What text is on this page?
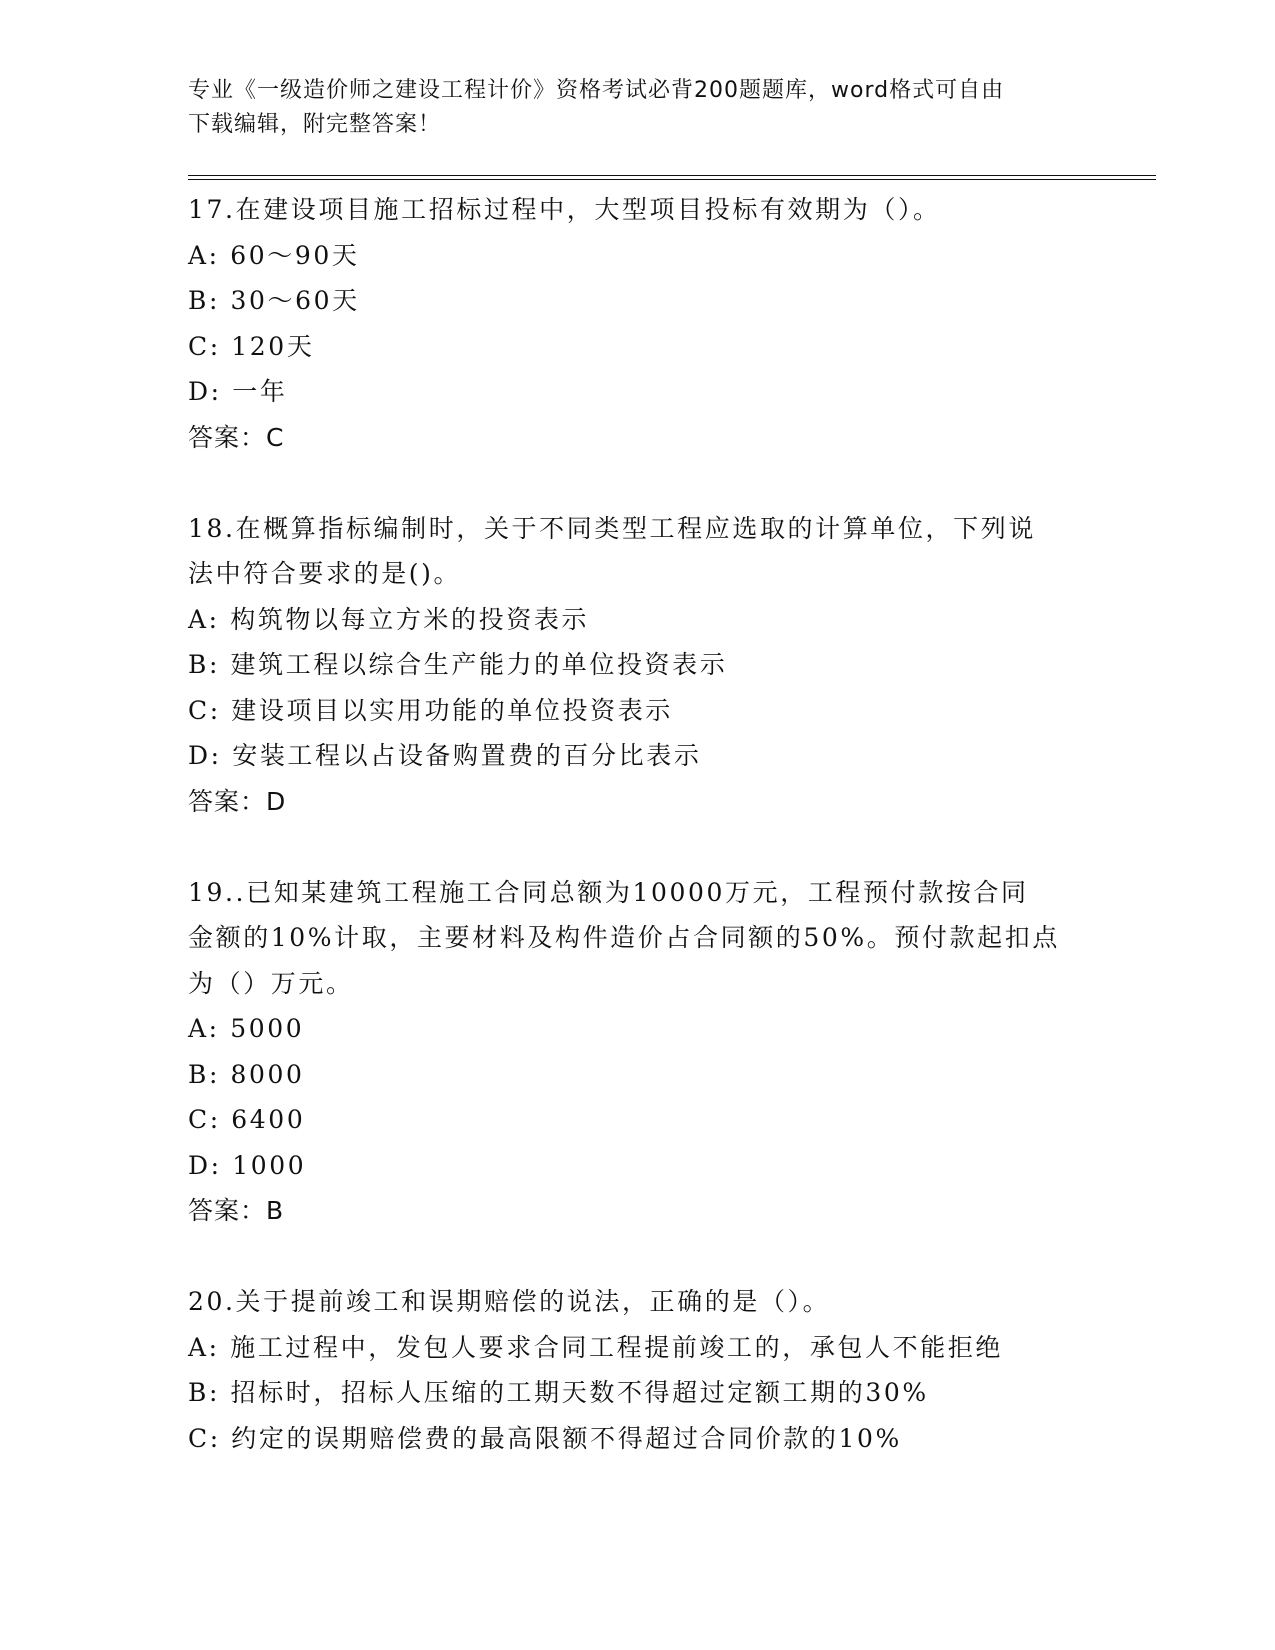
专业《一级造价师之建设工程计价》资格考试必背200题题库，word格式可自由
下载编辑，附完整答案！
17.在建设项目施工招标过程中，大型项目投标有效期为（）。
A: 60～90天
B: 30～60天
C: 120天
D: 一年
答案：C
18.在概算指标编制时，关于不同类型工程应选取的计算单位，下列说
法中符合要求的是()。
A: 构筑物以每立方米的投资表示
B: 建筑工程以综合生产能力的单位投资表示
C: 建设项目以实用功能的单位投资表示
D: 安装工程以占设备购置费的百分比表示
答案：D
19..已知某建筑工程施工合同总额为10000万元，工程预付款按合同
金额的10%计取，主要材料及构件造价占合同额的50%。预付款起扣点
为（）万元。
A: 5000
B: 8000
C: 6400
D: 1000
答案：B
20.关于提前竣工和误期赔偿的说法，正确的是（）。
A: 施工过程中，发包人要求合同工程提前竣工的，承包人不能拒绝
B: 招标时，招标人压缩的工期天数不得超过定额工期的30%
C: 约定的误期赔偿费的最高限额不得超过合同价款的10%
